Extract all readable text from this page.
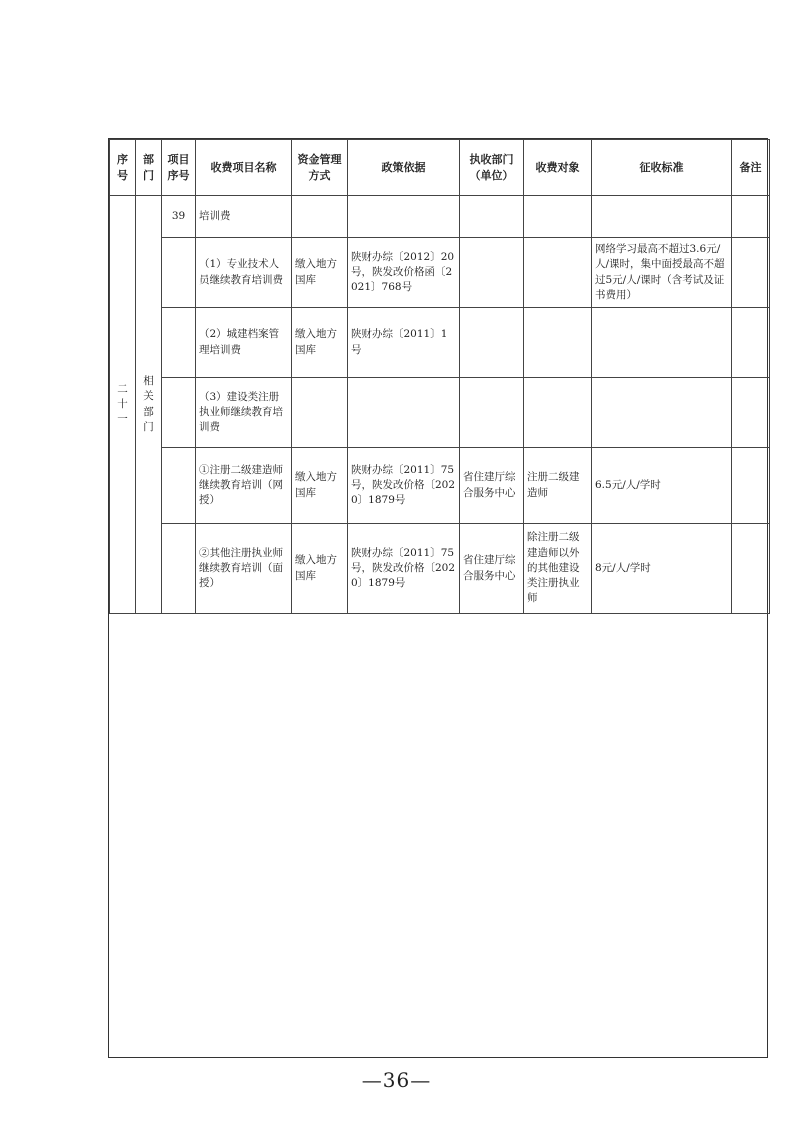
序号	部门	项目序号	收费项目名称	资金管理方式	政策依据	执收部门（单位）	收费对象	征收标准	备注
二十一	相关部门	39	培训费						
			（1）专业技术人员继续教育培训费	缴入地方国库	陕财办综〔2012〕20号，陕发改价格函〔2021〕768号			网络学习最高不超过3.6元/人/课时，集中面授最高不超过5元/人/课时（含考试及证书费用）	
			（2）城建档案管理培训费	缴入地方国库	陕财办综〔2011〕1号				
			（3）建设类注册执业师继续教育培训费						
			①注册二级建造师继续教育培训（网授）	缴入地方国库	陕财办综〔2011〕75号，陕发改价格〔2020〕1879号	省住建厅综合服务中心	注册二级建造师	6.5元/人/学时	
			②其他注册执业师继续教育培训（面授）	缴入地方国库	陕财办综〔2011〕75号，陕发改价格〔2020〕1879号	省住建厅综合服务中心	除注册二级建造师以外的其他建设类注册执业师	8元/人/学时	

—36—
